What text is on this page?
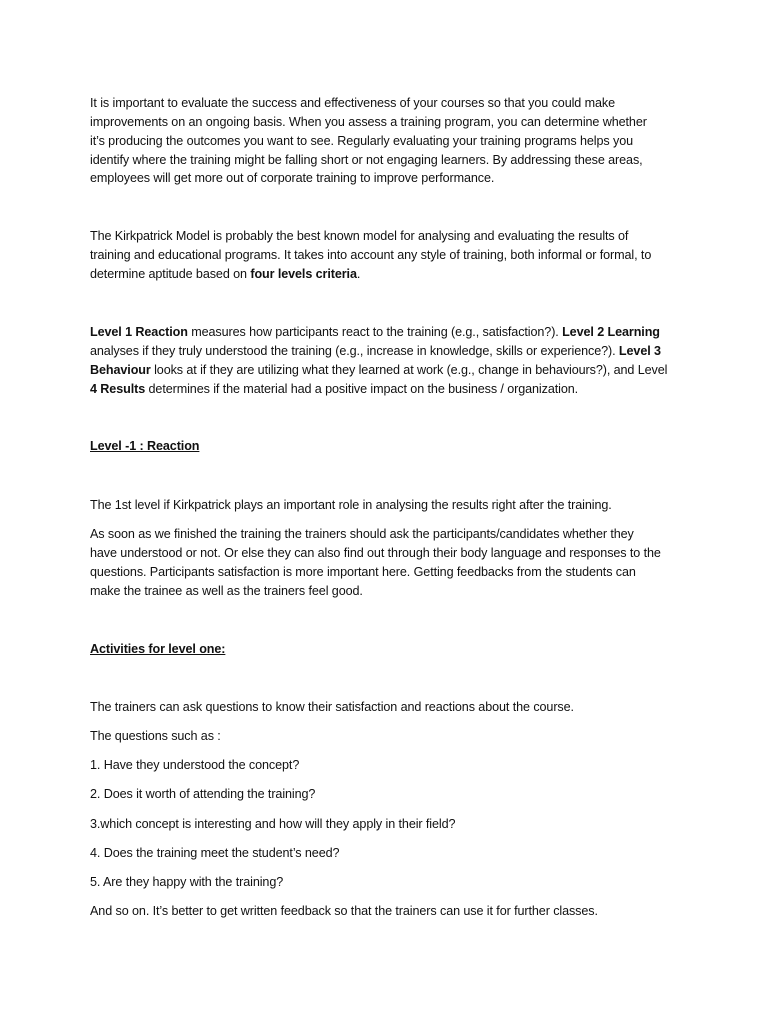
It is important to evaluate the success and effectiveness of your courses so that you could make
improvements on an ongoing basis. When you assess a training program, you can determine whether
it’s producing the outcomes you want to see. Regularly evaluating your training programs helps you
identify where the training might be falling short or not engaging learners. By addressing these areas,
employees will get more out of corporate training to improve performance.
The Kirkpatrick Model is probably the best known model for analysing and evaluating the results of
training and educational programs. It takes into account any style of training, both informal or formal, to
determine aptitude based on four levels criteria.
Level 1 Reaction measures how participants react to the training (e.g., satisfaction?). Level 2 Learning
analyses if they truly understood the training (e.g., increase in knowledge, skills or experience?). Level 3
Behaviour looks at if they are utilizing what they learned at work (e.g., change in behaviours?), and Level
4 Results determines if the material had a positive impact on the business / organization.
Level -1 : Reaction
The 1st level if Kirkpatrick plays an important role in analysing the results right after the training.
As soon as we finished the training the trainers should ask the participants/candidates whether they
have understood or not. Or else they can also find out through their body language and responses to the
questions. Participants satisfaction is more important here. Getting feedbacks from the students can
make the trainee as well as the trainers feel good.
Activities for level one:
The trainers can ask questions to know their satisfaction and reactions about the course.
The questions such as :
1. Have they understood the concept?
2. Does it worth of attending the training?
3.which concept is interesting and how will they apply in their field?
4. Does the training meet the student’s need?
5. Are they happy with the training?
And so on. It’s better to get written feedback so that the trainers can use it for further classes.
